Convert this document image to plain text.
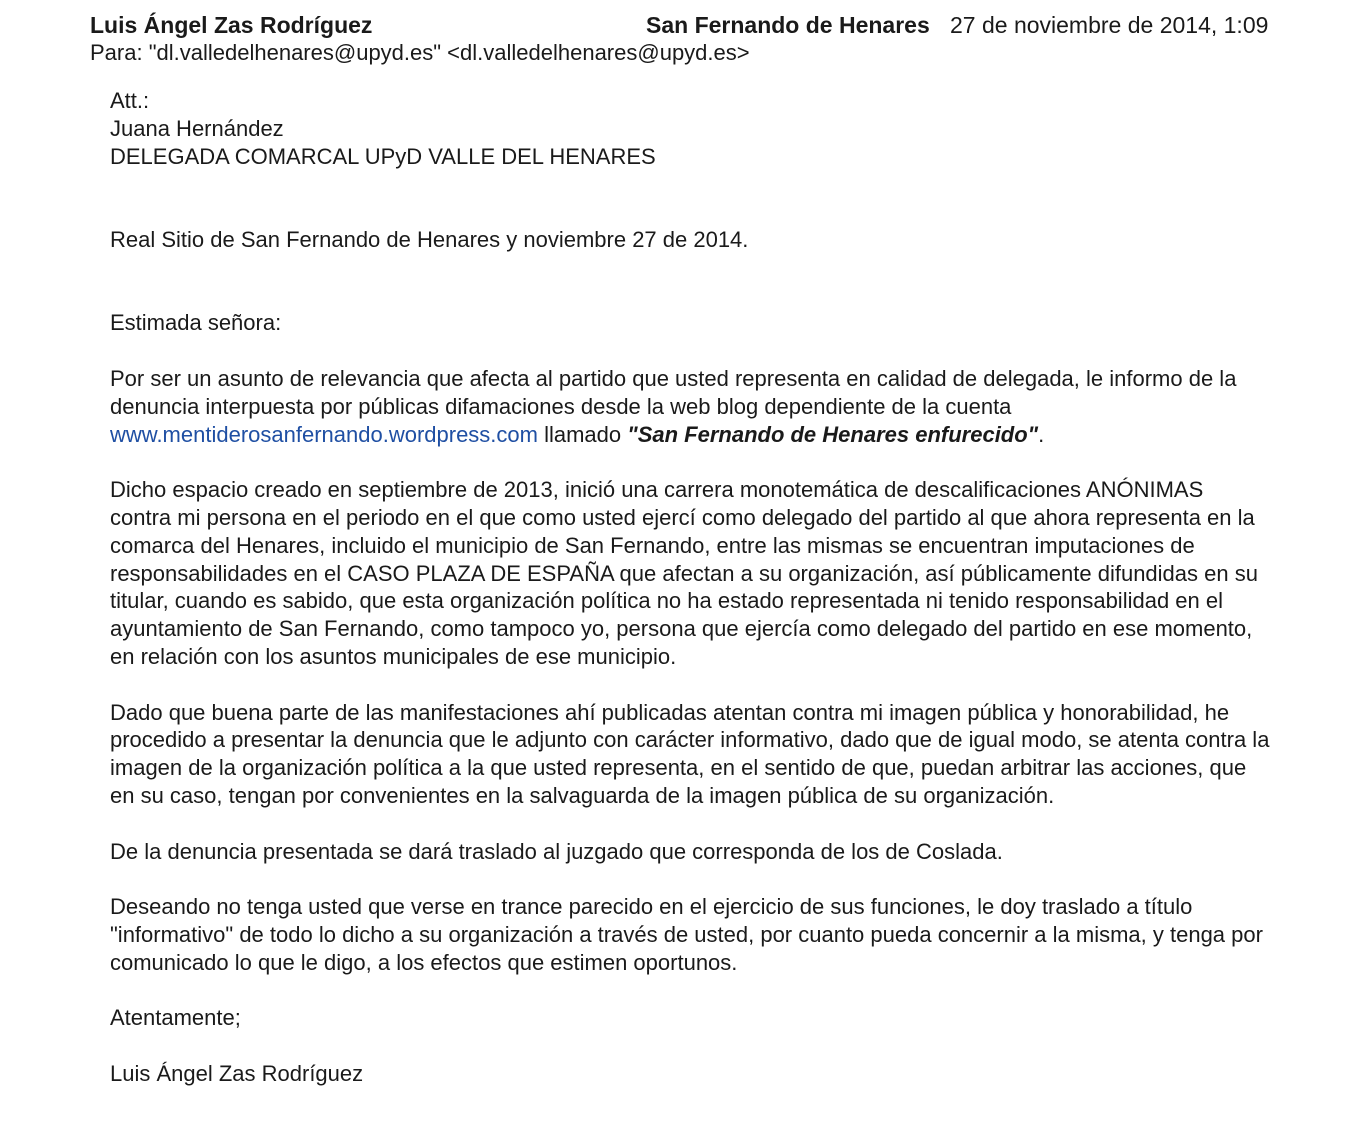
Luis Ángel Zas Rodríguez	San Fernando de Henares 27 de noviembre de 2014, 1:09
Para: "dl.valledelhenares@upyd.es" <dl.valledelhenares@upyd.es>

Att.:

Juana Hernández

DELEGADA COMARCAL UPyD VALLE DEL HENARES

Real Sitio de San Fernando de Henares y noviembre 27 de 2014.

Estimada señora:

Por ser un asunto de relevancia que afecta al partido que usted representa en calidad de delegada, le informo de la denuncia interpuesta por públicas difamaciones desde la web blog dependiente de la cuenta www.mentiderosanfernando.wordpress.com llamado "San Fernando de Henares enfurecido".

Dicho espacio creado en septiembre de 2013, inició una carrera monotemática de descalificaciones ANÓNIMAS contra mi persona en el periodo en el que como usted ejercí como delegado del partido al que ahora representa en la comarca del Henares, incluido el municipio de San Fernando, entre las mismas se encuentran imputaciones de responsabilidades en el CASO PLAZA DE ESPAÑA que afectan a su organización, así públicamente difundidas en su titular, cuando es sabido, que esta organización política no ha estado representada ni tenido responsabilidad en el ayuntamiento de San Fernando, como tampoco yo, persona que ejercía como delegado del partido en ese momento, en relación con los asuntos municipales de ese municipio.

Dado que buena parte de las manifestaciones ahí publicadas atentan contra mi imagen pública y honorabilidad, he procedido a presentar la denuncia que le adjunto con carácter informativo, dado que de igual modo, se atenta contra la imagen de la organización política a la que usted representa, en el sentido de que, puedan arbitrar las acciones, que en su caso, tengan por convenientes en la salvaguarda de la imagen pública de su organización.

De la denuncia presentada se dará traslado al juzgado que corresponda de los de Coslada.

Deseando no tenga usted que verse en trance parecido en el ejercicio de sus funciones, le doy traslado a título "informativo" de todo lo dicho a su organización a través de usted, por cuanto pueda concernir a la misma, y tenga por comunicado lo que le digo, a los efectos que estimen oportunos.

Atentamente;

Luis Ángel Zas Rodríguez
